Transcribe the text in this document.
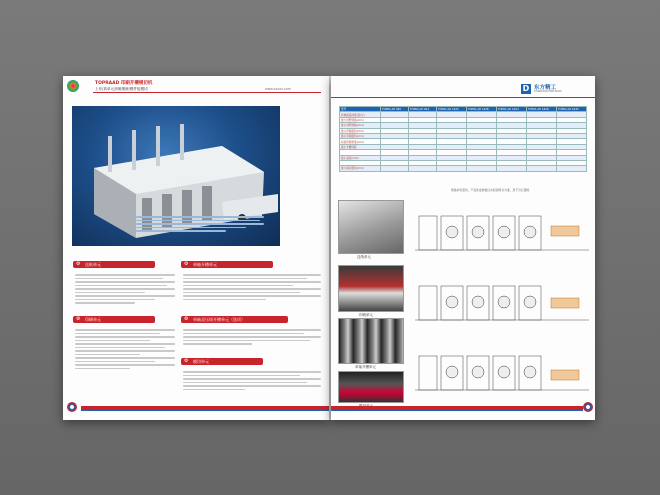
TOPRAAD 印刷开槽模切机
上印/真单元滚刷墨研/模件组模切	www.xxxxx.com
整机特点
⚙ 送纸单元
⚙ 印刷单元
⚙ 单轴开槽单元
⚙ 单轴双压线开槽单元（选项）
⚙ 模切单元
D 东方精工
DONGFANG PRECISION
型号	TOPRA AD 920	TOPRA AD 924	TOPRA AD 1224	TOPRA AD 1228	TOPRA AD 1624	TOPRA AD 1628	TOPRA AD 1632
机械最高速度(张/分)							
最大进纸规格(mm)							
最小进纸规格(mm)							
最大印刷面积(mm)							
最小印刷面积(mm)							
标准印版厚度(mm)							
最小开槽间距							

最小高度(mm)							

最大模切面积(mm)							
规格如有更改，产品性能参数以实际说明书为准，恕不另行通知
送纸单元
印刷单元
单轴开槽单元
